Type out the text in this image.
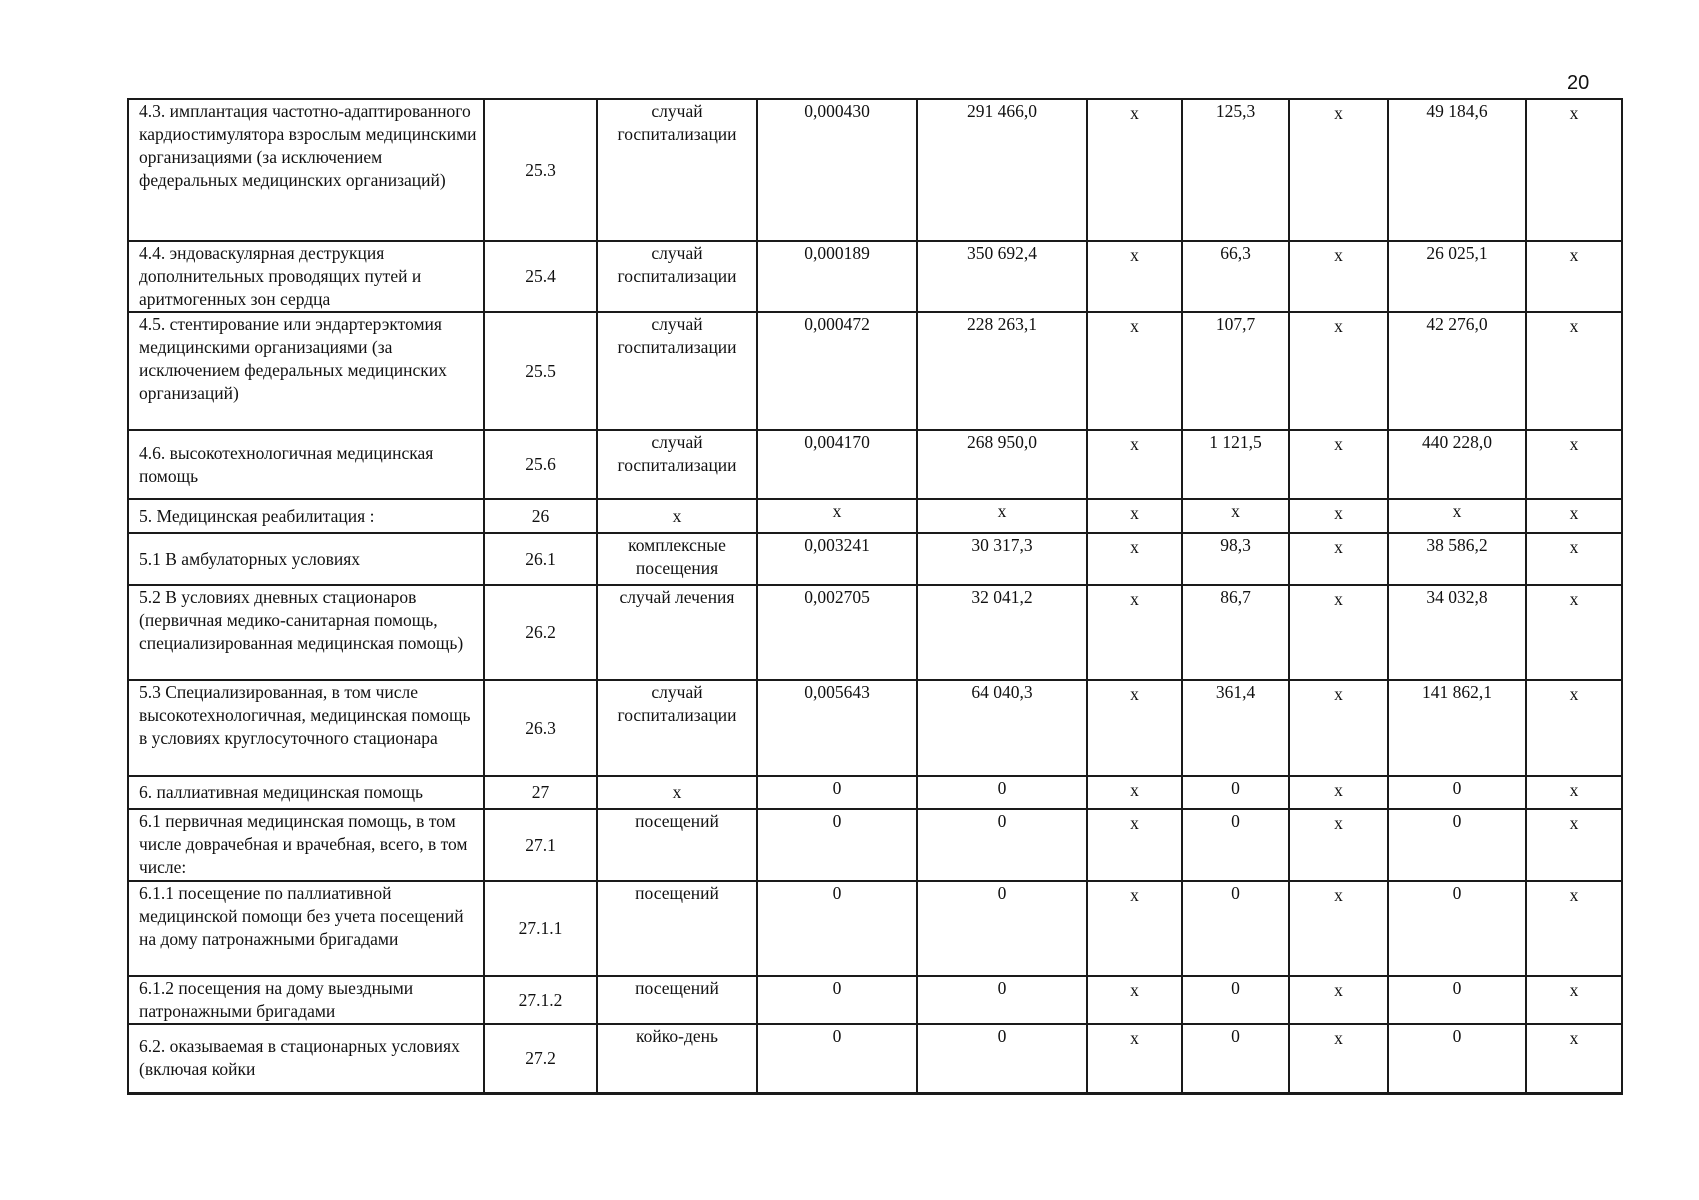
20
4.3. имплантация частотно-адаптированного кардиостимулятора взрослым медицинскими организациями (за исключением федеральных медицинских организаций)	25.3	случай госпитализации	0,000430	291 466,0	х	125,3	х	49 184,6	х
4.4. эндоваскулярная деструкция дополнительных проводящих путей и аритмогенных зон сердца	25.4	случай госпитализации	0,000189	350 692,4	х	66,3	х	26 025,1	х
4.5. стентирование или эндартерэктомия медицинскими организациями (за исключением федеральных медицинских организаций)	25.5	случай госпитализации	0,000472	228 263,1	х	107,7	х	42 276,0	х
4.6. высокотехнологичная медицинская помощь	25.6	случай госпитализации	0,004170	268 950,0	х	1 121,5	х	440 228,0	х
5. Медицинская реабилитация :	26	х	х	х	х	х	х	х	х
5.1 В амбулаторных условиях	26.1	комплексные посещения	0,003241	30 317,3	х	98,3	х	38 586,2	х
5.2 В условиях дневных стационаров (первичная медико-санитарная помощь, специализированная медицинская помощь)	26.2	случай лечения	0,002705	32 041,2	х	86,7	х	34 032,8	х
5.3 Специализированная, в том числе высокотехнологичная, медицинская помощь в условиях круглосуточного стационара	26.3	случай госпитализации	0,005643	64 040,3	х	361,4	х	141 862,1	х
6. паллиативная медицинская помощь	27	х	0	0	х	0	х	0	х
6.1 первичная медицинская помощь, в том числе доврачебная и врачебная, всего, в том числе:	27.1	посещений	0	0	х	0	х	0	х
6.1.1 посещение по паллиативной медицинской помощи без учета посещений на дому патронажными бригадами	27.1.1	посещений	0	0	х	0	х	0	х
6.1.2 посещения на дому выездными патронажными бригадами	27.1.2	посещений	0	0	х	0	х	0	х
6.2. оказываемая в стационарных условиях (включая койки	27.2	койко-день	0	0	х	0	х	0	х
